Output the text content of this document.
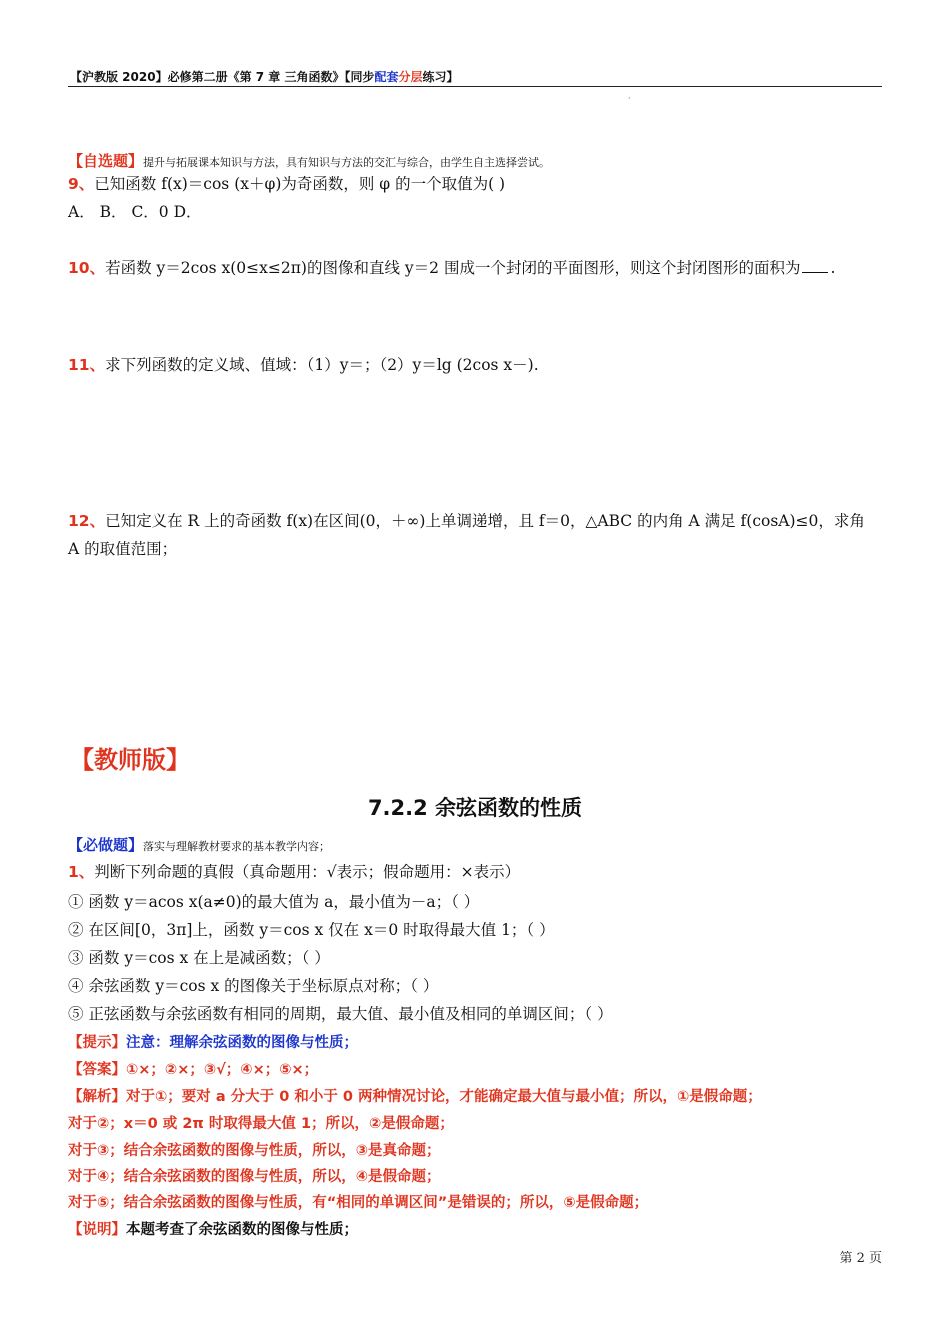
【沪教版 2020】必修第二册《第 7 章 三角函数》【同步配套分层练习】
·
【自选题】提升与拓展课本知识与方法，具有知识与方法的交汇与综合，由学生自主选择尝试。
9、已知函数 f(x)＝cos (x＋φ)为奇函数，则 φ 的一个取值为( )
A． B． C．0 D．
10、若函数 y＝2cos x(0≤x≤2π)的图像和直线 y＝2 围成一个封闭的平面图形，则这个封闭图形的面积为 .
11、求下列函数的定义域、值域：（1）y＝；（2）y＝lg (2cos x－).
12、已知定义在 R 上的奇函数 f(x)在区间(0，＋∞)上单调递增，且 f＝0，△ABC 的内角 A 满足 f(cosA)≤0，求角
A 的取值范围；
【教师版】
7.2.2 余弦函数的性质
【必做题】落实与理解教材要求的基本教学内容；
1、判断下列命题的真假（真命题用：√表示；假命题用：×表示）
① 函数 y＝acos x(a≠0)的最大值为 a，最小值为－a；（ ）
② 在区间[0，3π]上，函数 y＝cos x 仅在 x＝0 时取得最大值 1；（ ）
③ 函数 y＝cos x 在上是减函数；（ ）
④ 余弦函数 y＝cos x 的图像关于坐标原点对称；（ ）
⑤ 正弦函数与余弦函数有相同的周期，最大值、最小值及相同的单调区间；（ ）
【提示】注意：理解余弦函数的图像与性质；
【答案】①×；②×；③√；④×；⑤×；
【解析】对于①；要对 a 分大于 0 和小于 0 两种情况讨论，才能确定最大值与最小值；所以，①是假命题；
对于②；x＝0 或 2π 时取得最大值 1；所以，②是假命题；
对于③；结合余弦函数的图像与性质，所以，③是真命题；
对于④；结合余弦函数的图像与性质，所以，④是假命题；
对于⑤；结合余弦函数的图像与性质，有“相同的单调区间”是错误的；所以，⑤是假命题；
【说明】本题考查了余弦函数的图像与性质；
第 2 页
